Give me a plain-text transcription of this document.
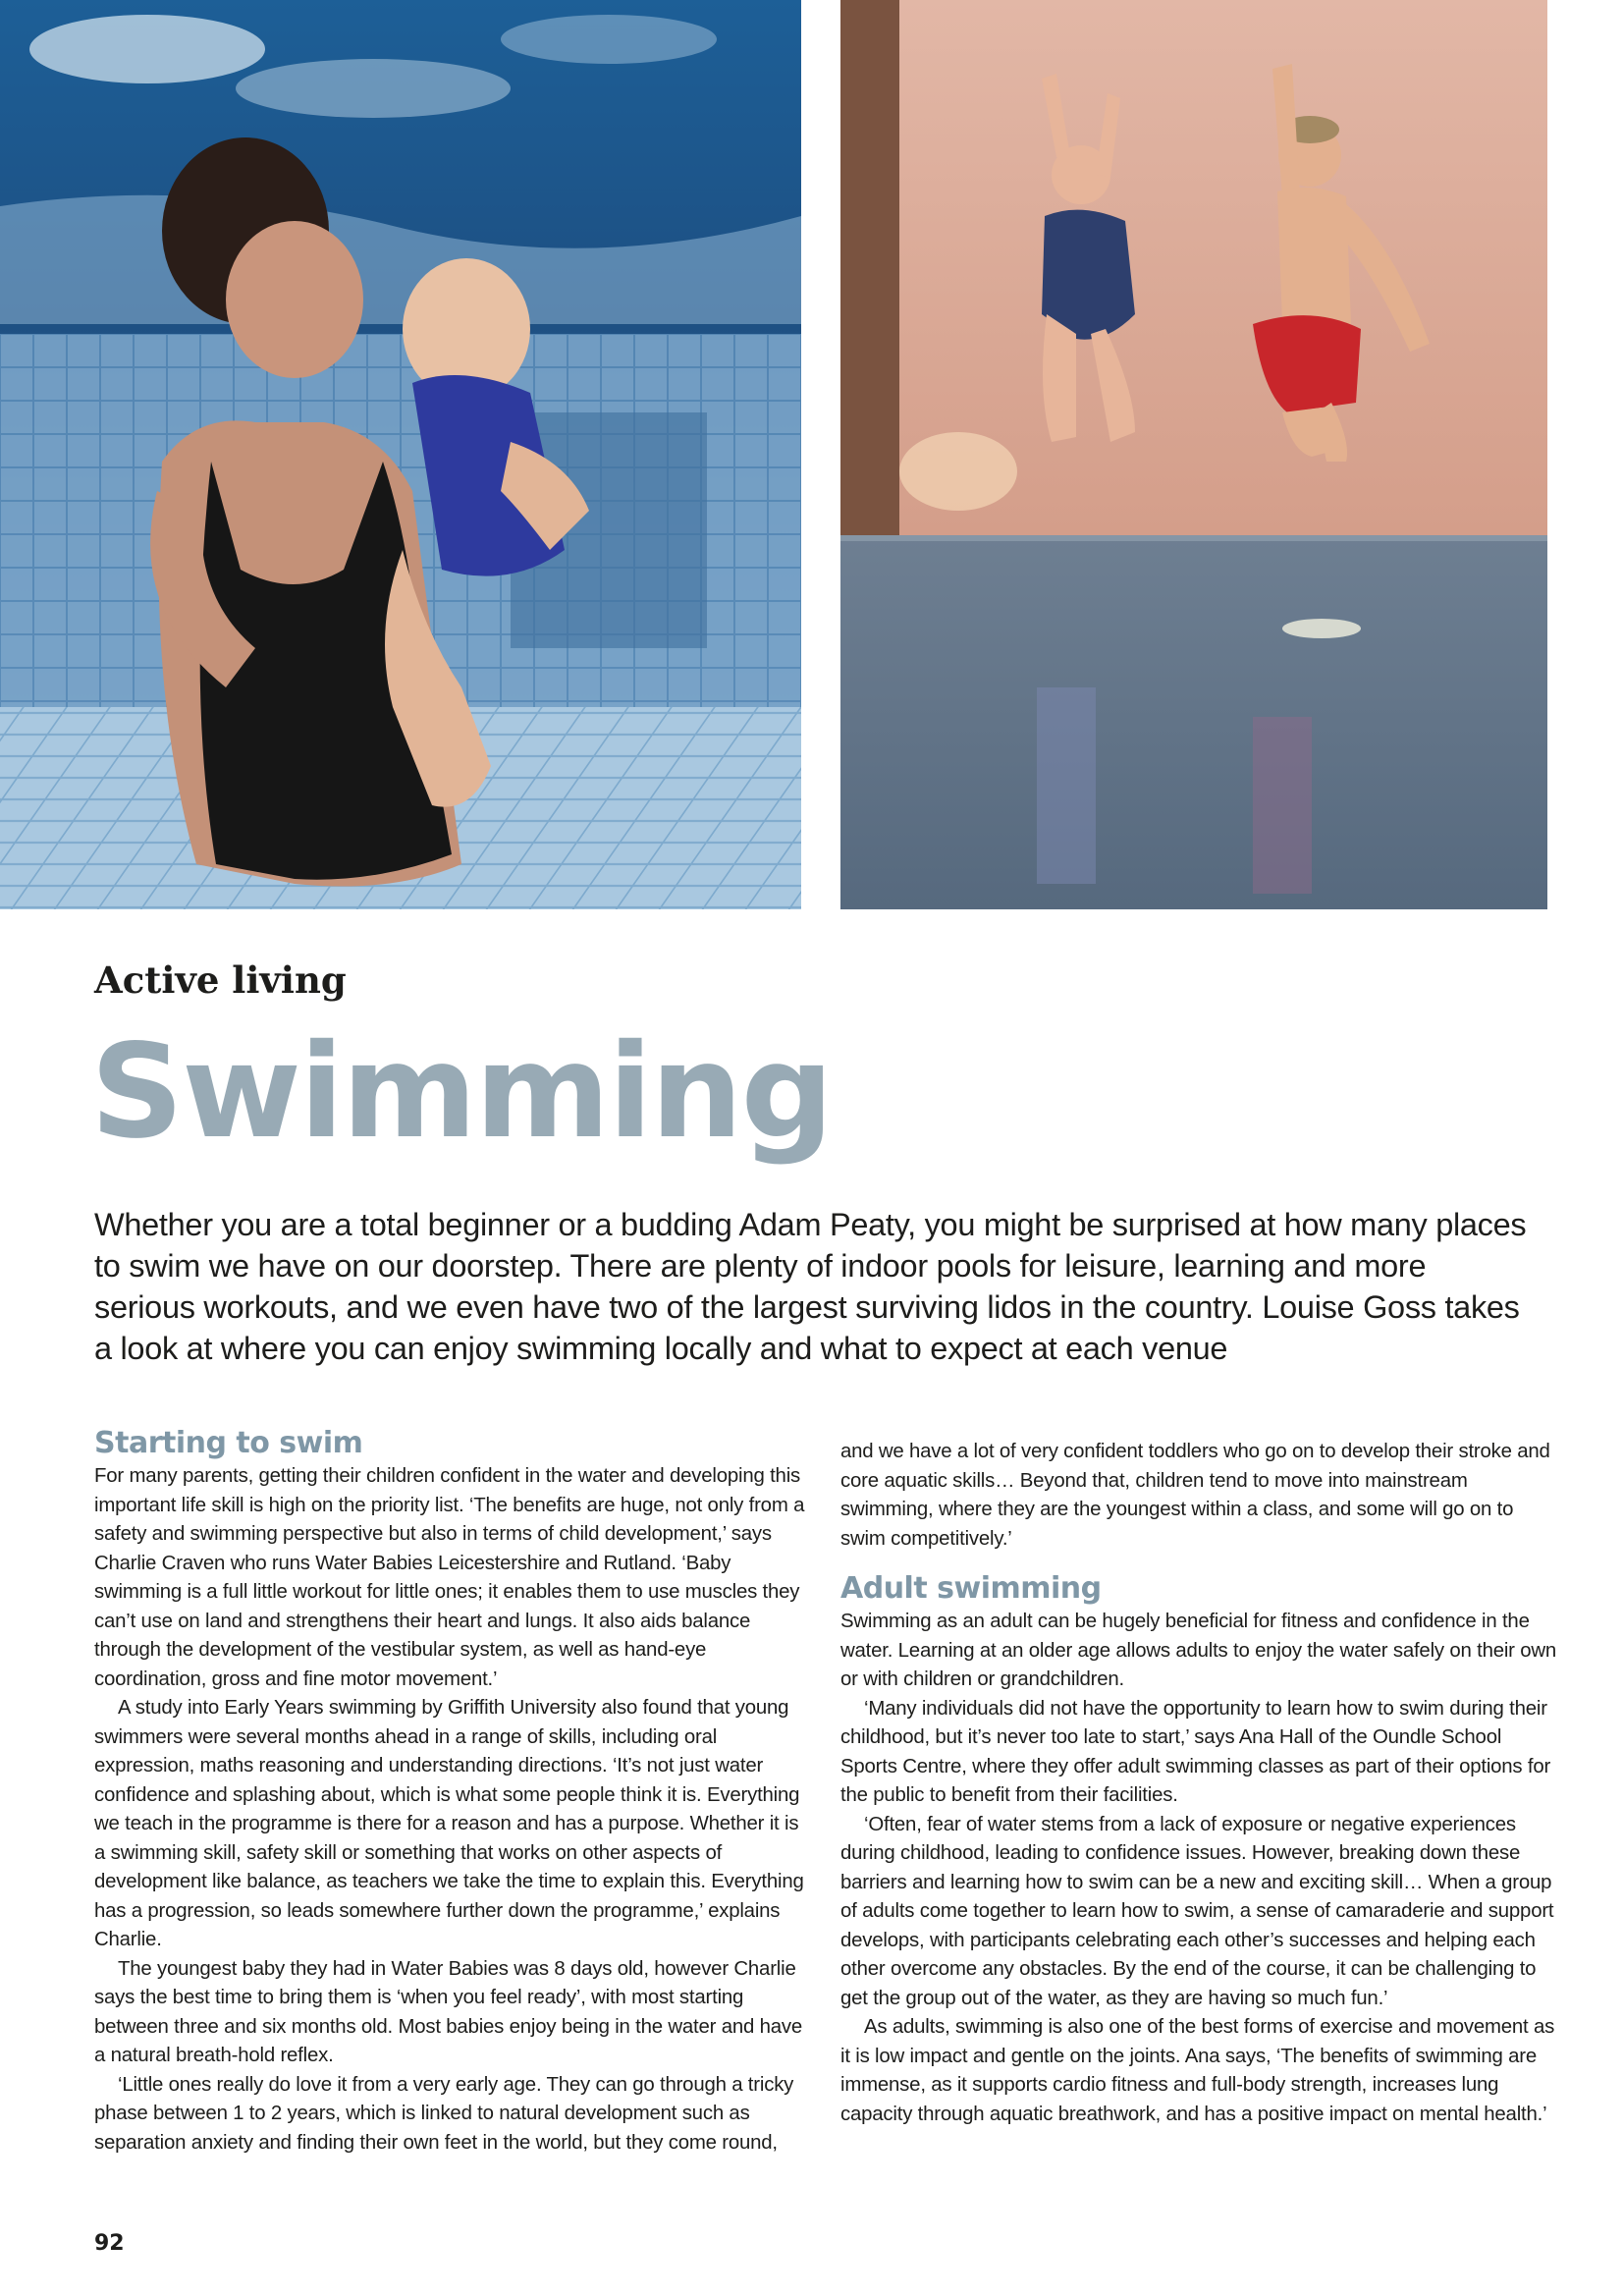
Active living
Swimming

Whether you are a total beginner or a budding Adam Peaty, you might be surprised at how many places to swim we have on our doorstep. There are plenty of indoor pools for leisure, learning and more serious workouts, and we even have two of the largest surviving lidos in the country. Louise Goss takes a look at where you can enjoy swimming locally and what to expect at each venue

Starting to swim

For many parents, getting their children confident in the water and developing this important life skill is high on the priority list. ‘The benefits are huge, not only from a safety and swimming perspective but also in terms of child development,’ says Charlie Craven who runs Water Babies Leicestershire and Rutland. ‘Baby swimming is a full little workout for little ones; it enables them to use muscles they can’t use on land and strengthens their heart and lungs. It also aids balance through the development of the vestibular system, as well as hand-eye coordination, gross and fine motor movement.’

A study into Early Years swimming by Griffith University also found that young swimmers were several months ahead in a range of skills, including oral expression, maths reasoning and understanding directions. ‘It’s not just water confidence and splashing about, which is what some people think it is. Everything we teach in the programme is there for a reason and has a purpose. Whether it is a swimming skill, safety skill or something that works on other aspects of development like balance, as teachers we take the time to explain this. Everything has a progression, so leads somewhere further down the programme,’ explains Charlie.

The youngest baby they had in Water Babies was 8 days old, however Charlie says the best time to bring them is ‘when you feel ready’, with most starting between three and six months old. Most babies enjoy being in the water and have a natural breath-hold reflex.

‘Little ones really do love it from a very early age. They can go through a tricky phase between 1 to 2 years, which is linked to natural development such as separation anxiety and finding their own feet in the world, but they come round,

and we have a lot of very confident toddlers who go on to develop their stroke and core aquatic skills… Beyond that, children tend to move into mainstream swimming, where they are the youngest within a class, and some will go on to swim competitively.’

Adult swimming

Swimming as an adult can be hugely beneficial for fitness and confidence in the water. Learning at an older age allows adults to enjoy the water safely on their own or with children or grandchildren.

‘Many individuals did not have the opportunity to learn how to swim during their childhood, but it’s never too late to start,’ says Ana Hall of the Oundle School Sports Centre, where they offer adult swimming classes as part of their options for the public to benefit from their facilities.

‘Often, fear of water stems from a lack of exposure or negative experiences during childhood, leading to confidence issues. However, breaking down these barriers and learning how to swim can be a new and exciting skill… When a group of adults come together to learn how to swim, a sense of camaraderie and support develops, with participants celebrating each other’s successes and helping each other overcome any obstacles. By the end of the course, it can be challenging to get the group out of the water, as they are having so much fun.’

As adults, swimming is also one of the best forms of exercise and movement as it is low impact and gentle on the joints. Ana says, ‘The benefits of swimming are immense, as it supports cardio fitness and full-body strength, increases lung capacity through aquatic breathwork, and has a positive impact on mental health.’

92
